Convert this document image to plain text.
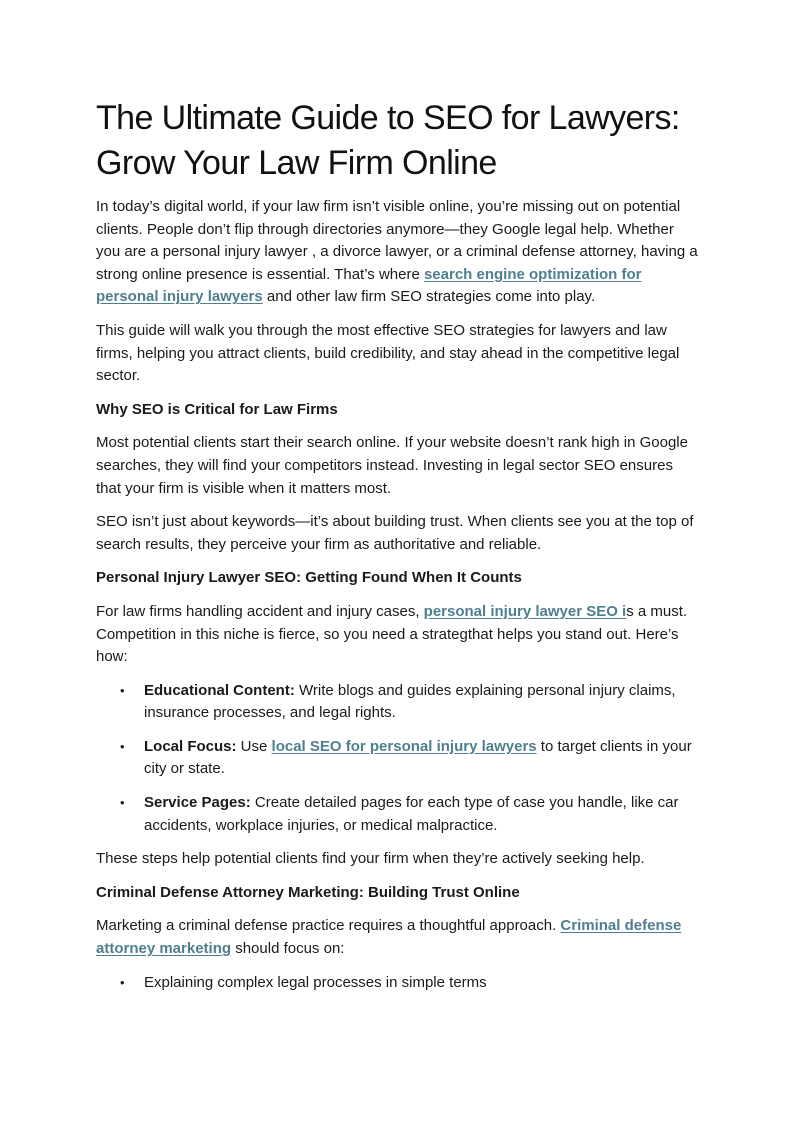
The Ultimate Guide to SEO for Lawyers:
Grow Your Law Firm Online

In today’s digital world, if your law firm isn’t visible online, you’re missing out on potential clients. People don’t flip through directories anymore—they Google legal help. Whether you are a personal injury lawyer , a divorce lawyer, or a criminal defense attorney, having a strong online presence is essential. That’s where search engine optimization for personal injury lawyers and other law firm SEO strategies come into play.

This guide will walk you through the most effective SEO strategies for lawyers and law firms, helping you attract clients, build credibility, and stay ahead in the competitive legal sector.

Why SEO is Critical for Law Firms

Most potential clients start their search online. If your website doesn’t rank high in Google searches, they will find your competitors instead. Investing in legal sector SEO ensures that your firm is visible when it matters most.

SEO isn’t just about keywords—it’s about building trust. When clients see you at the top of search results, they perceive your firm as authoritative and reliable.

Personal Injury Lawyer SEO: Getting Found When It Counts

For law firms handling accident and injury cases, personal injury lawyer SEO is a must. Competition in this niche is fierce, so you need a strategthat helps you stand out. Here’s how:

• Educational Content: Write blogs and guides explaining personal injury claims, insurance processes, and legal rights.
• Local Focus: Use local SEO for personal injury lawyers to target clients in your city or state.
• Service Pages: Create detailed pages for each type of case you handle, like car accidents, workplace injuries, or medical malpractice.

These steps help potential clients find your firm when they’re actively seeking help.

Criminal Defense Attorney Marketing: Building Trust Online

Marketing a criminal defense practice requires a thoughtful approach. Criminal defense attorney marketing should focus on:

• Explaining complex legal processes in simple terms
